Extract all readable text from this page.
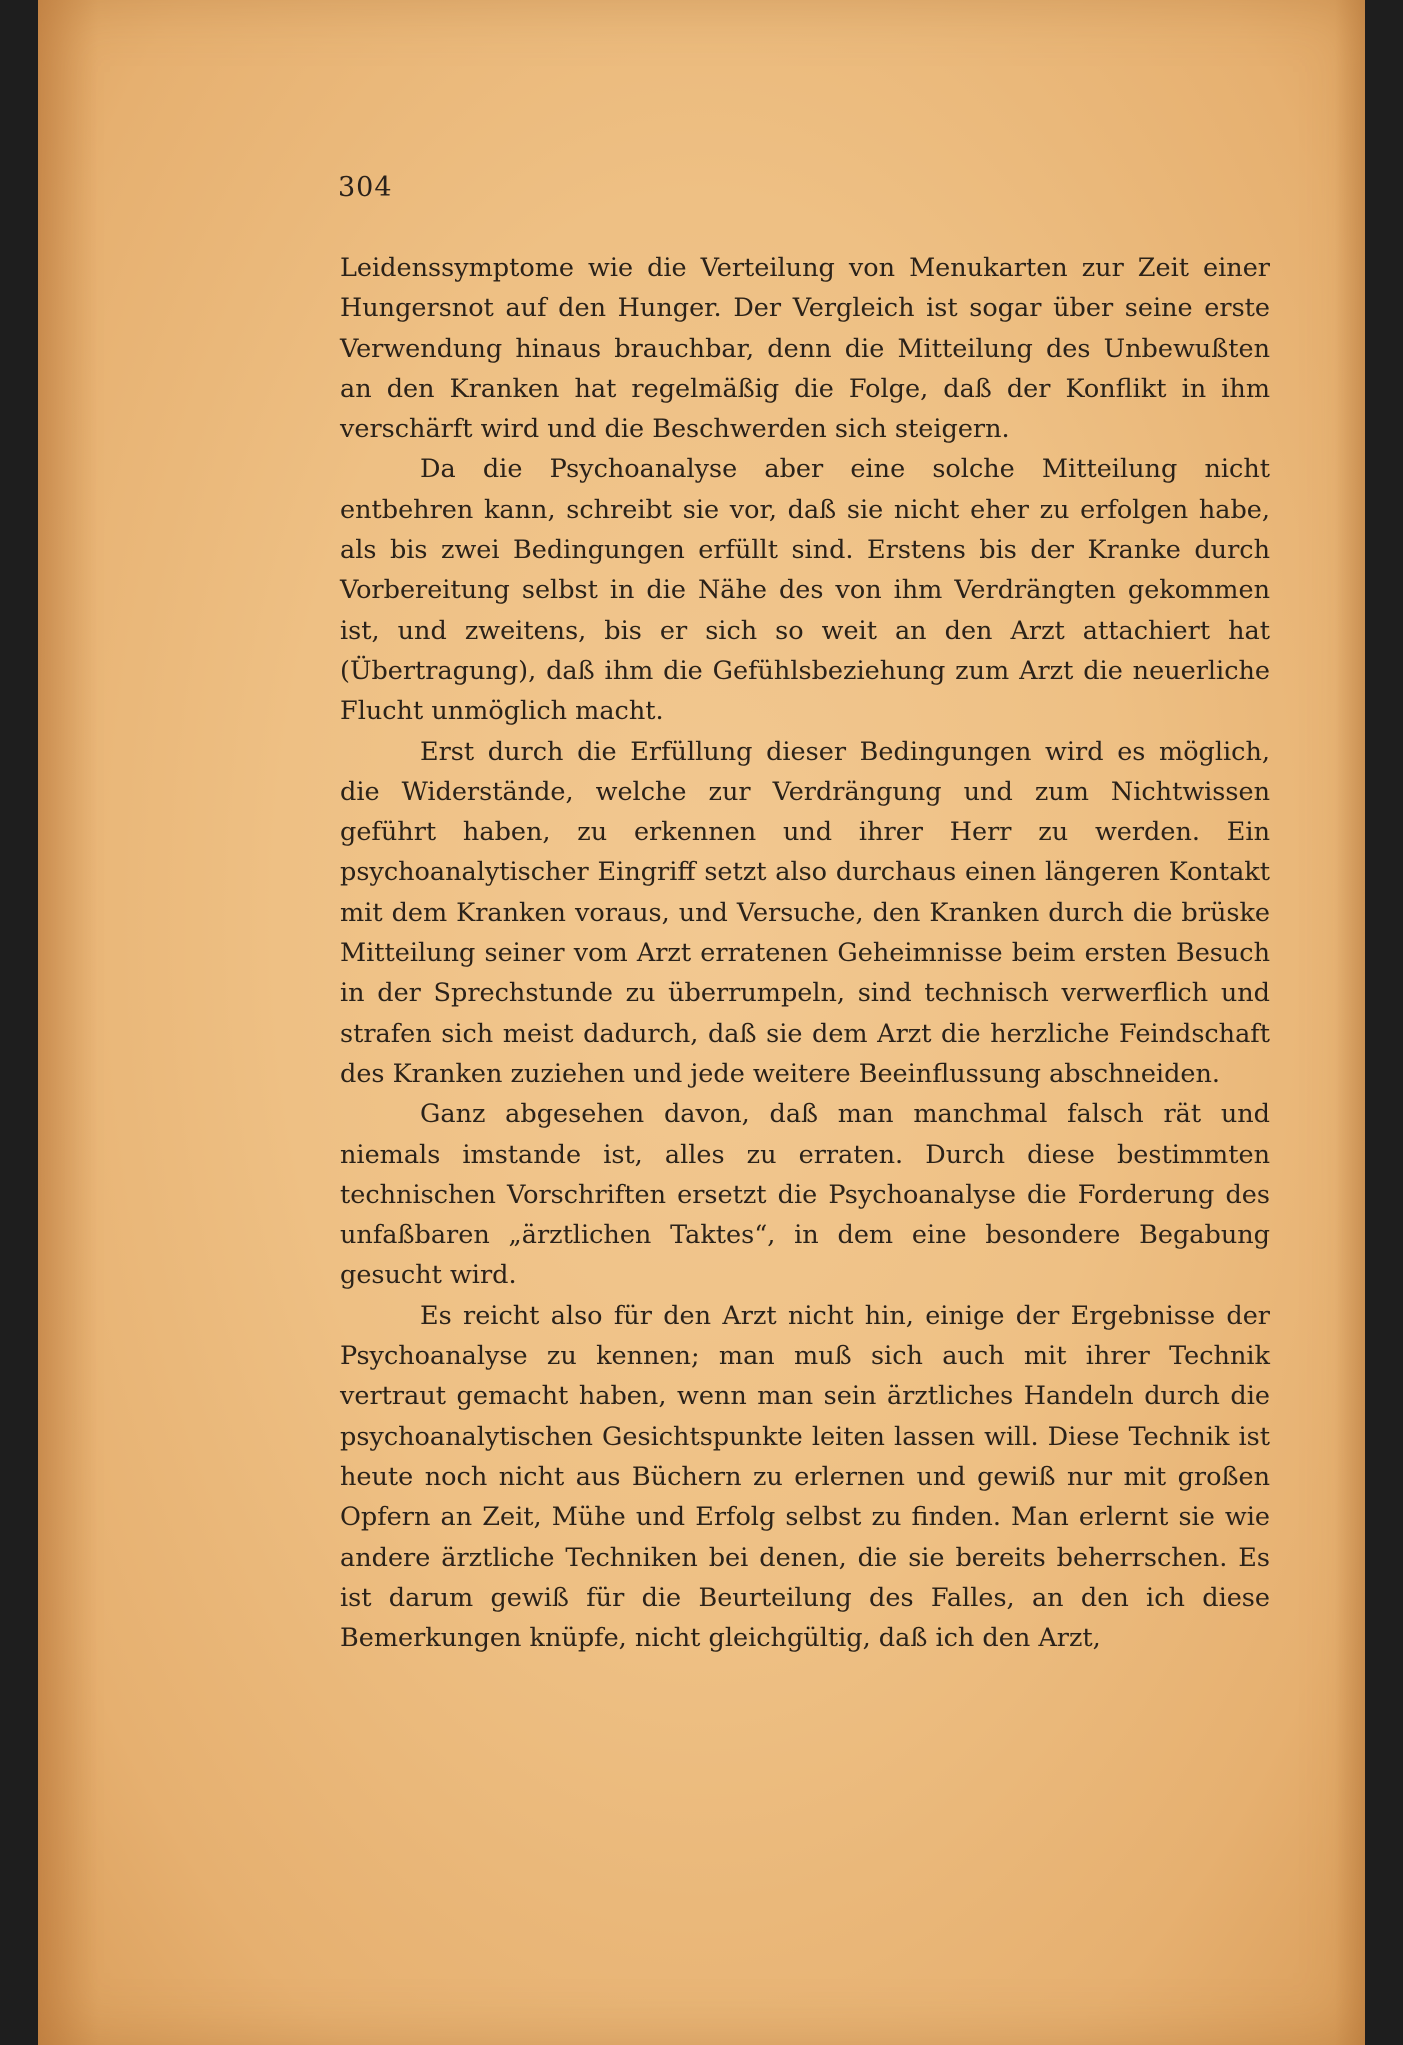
304

Leidenssymptome wie die Verteilung von Menukarten zur Zeit einer Hungersnot auf den Hunger. Der Vergleich ist sogar über seine erste Verwendung hinaus brauchbar, denn die Mitteilung des Unbewußten an den Kranken hat regelmäßig die Folge, daß der Konflikt in ihm verschärft wird und die Beschwerden sich steigern.

Da die Psychoanalyse aber eine solche Mitteilung nicht entbehren kann, schreibt sie vor, daß sie nicht eher zu erfolgen habe, als bis zwei Bedingungen erfüllt sind. Erstens bis der Kranke durch Vorbereitung selbst in die Nähe des von ihm Verdrängten gekommen ist, und zweitens, bis er sich so weit an den Arzt attachiert hat (Übertragung), daß ihm die Gefühlsbeziehung zum Arzt die neuerliche Flucht unmöglich macht.

Erst durch die Erfüllung dieser Bedingungen wird es möglich, die Widerstände, welche zur Verdrängung und zum Nichtwissen geführt haben, zu erkennen und ihrer Herr zu werden. Ein psychoanalytischer Eingriff setzt also durchaus einen längeren Kontakt mit dem Kranken voraus, und Versuche, den Kranken durch die brüske Mitteilung seiner vom Arzt erratenen Geheimnisse beim ersten Besuch in der Sprechstunde zu überrumpeln, sind technisch verwerflich und strafen sich meist dadurch, daß sie dem Arzt die herzliche Feindschaft des Kranken zuziehen und jede weitere Beeinflussung abschneiden.

Ganz abgesehen davon, daß man manchmal falsch rät und niemals imstande ist, alles zu erraten. Durch diese bestimmten technischen Vorschriften ersetzt die Psychoanalyse die Forderung des unfaßbaren „ärztlichen Taktes“, in dem eine besondere Begabung gesucht wird.

Es reicht also für den Arzt nicht hin, einige der Ergebnisse der Psychoanalyse zu kennen; man muß sich auch mit ihrer Technik vertraut gemacht haben, wenn man sein ärztliches Handeln durch die psychoanalytischen Gesichtspunkte leiten lassen will. Diese Technik ist heute noch nicht aus Büchern zu erlernen und gewiß nur mit großen Opfern an Zeit, Mühe und Erfolg selbst zu finden. Man erlernt sie wie andere ärztliche Techniken bei denen, die sie bereits beherrschen. Es ist darum gewiß für die Beurteilung des Falles, an den ich diese Bemerkungen knüpfe, nicht gleichgültig, daß ich den Arzt,
